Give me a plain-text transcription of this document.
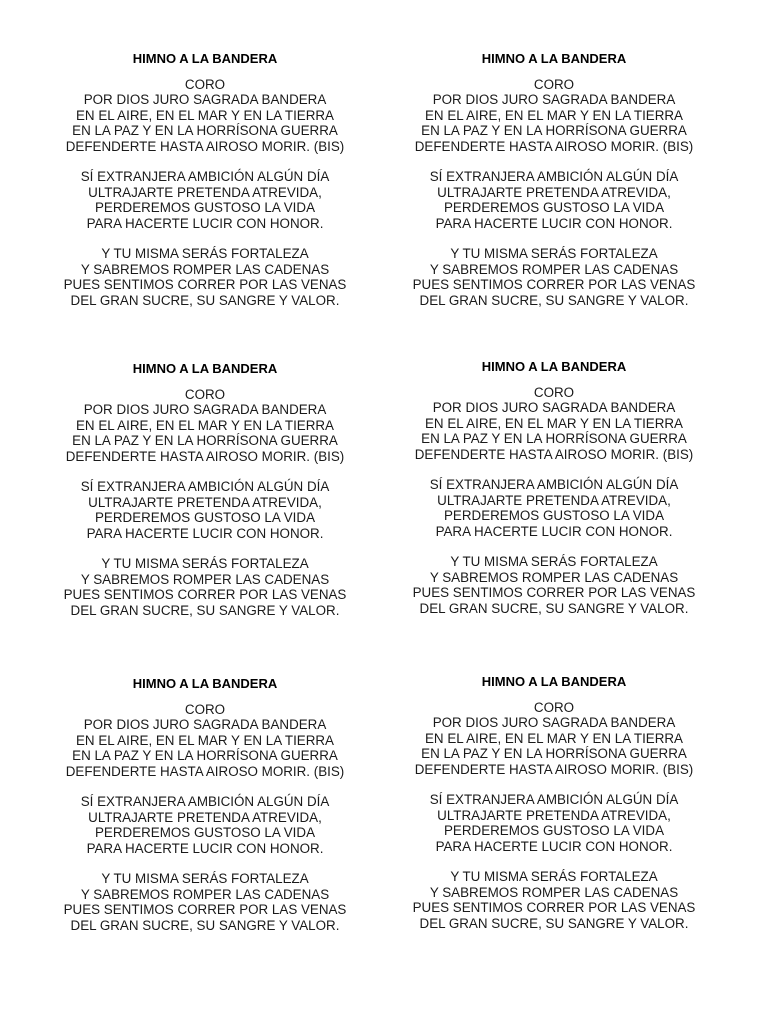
HIMNO A LA BANDERA
CORO
POR DIOS JURO SAGRADA BANDERA
EN EL AIRE, EN EL MAR Y EN LA TIERRA
EN LA PAZ Y EN LA HORRÍSONA GUERRA
DEFENDERTE HASTA AIROSO MORIR. (BIS)
SÍ EXTRANJERA AMBICIÓN ALGÚN DÍA
ULTRAJARTE PRETENDA ATREVIDA,
PERDEREMOS GUSTOSO LA VIDA
PARA HACERTE LUCIR CON HONOR.
Y TU MISMA SERÁS FORTALEZA
Y SABREMOS ROMPER LAS CADENAS
PUES SENTIMOS CORRER POR LAS VENAS
DEL GRAN SUCRE, SU SANGRE Y VALOR.
HIMNO A LA BANDERA
CORO
POR DIOS JURO SAGRADA BANDERA
EN EL AIRE, EN EL MAR Y EN LA TIERRA
EN LA PAZ Y EN LA HORRÍSONA GUERRA
DEFENDERTE HASTA AIROSO MORIR. (BIS)
SÍ EXTRANJERA AMBICIÓN ALGÚN DÍA
ULTRAJARTE PRETENDA ATREVIDA,
PERDEREMOS GUSTOSO LA VIDA
PARA HACERTE LUCIR CON HONOR.
Y TU MISMA SERÁS FORTALEZA
Y SABREMOS ROMPER LAS CADENAS
PUES SENTIMOS CORRER POR LAS VENAS
DEL GRAN SUCRE, SU SANGRE Y VALOR.
HIMNO A LA BANDERA
CORO
POR DIOS JURO SAGRADA BANDERA
EN EL AIRE, EN EL MAR Y EN LA TIERRA
EN LA PAZ Y EN LA HORRÍSONA GUERRA
DEFENDERTE HASTA AIROSO MORIR. (BIS)
SÍ EXTRANJERA AMBICIÓN ALGÚN DÍA
ULTRAJARTE PRETENDA ATREVIDA,
PERDEREMOS GUSTOSO LA VIDA
PARA HACERTE LUCIR CON HONOR.
Y TU MISMA SERÁS FORTALEZA
Y SABREMOS ROMPER LAS CADENAS
PUES SENTIMOS CORRER POR LAS VENAS
DEL GRAN SUCRE, SU SANGRE Y VALOR.
HIMNO A LA BANDERA
CORO
POR DIOS JURO SAGRADA BANDERA
EN EL AIRE, EN EL MAR Y EN LA TIERRA
EN LA PAZ Y EN LA HORRÍSONA GUERRA
DEFENDERTE HASTA AIROSO MORIR. (BIS)
SÍ EXTRANJERA AMBICIÓN ALGÚN DÍA
ULTRAJARTE PRETENDA ATREVIDA,
PERDEREMOS GUSTOSO LA VIDA
PARA HACERTE LUCIR CON HONOR.
Y TU MISMA SERÁS FORTALEZA
Y SABREMOS ROMPER LAS CADENAS
PUES SENTIMOS CORRER POR LAS VENAS
DEL GRAN SUCRE, SU SANGRE Y VALOR.
HIMNO A LA BANDERA
CORO
POR DIOS JURO SAGRADA BANDERA
EN EL AIRE, EN EL MAR Y EN LA TIERRA
EN LA PAZ Y EN LA HORRÍSONA GUERRA
DEFENDERTE HASTA AIROSO MORIR. (BIS)
SÍ EXTRANJERA AMBICIÓN ALGÚN DÍA
ULTRAJARTE PRETENDA ATREVIDA,
PERDEREMOS GUSTOSO LA VIDA
PARA HACERTE LUCIR CON HONOR.
Y TU MISMA SERÁS FORTALEZA
Y SABREMOS ROMPER LAS CADENAS
PUES SENTIMOS CORRER POR LAS VENAS
DEL GRAN SUCRE, SU SANGRE Y VALOR.
HIMNO A LA BANDERA
CORO
POR DIOS JURO SAGRADA BANDERA
EN EL AIRE, EN EL MAR Y EN LA TIERRA
EN LA PAZ Y EN LA HORRÍSONA GUERRA
DEFENDERTE HASTA AIROSO MORIR. (BIS)
SÍ EXTRANJERA AMBICIÓN ALGÚN DÍA
ULTRAJARTE PRETENDA ATREVIDA,
PERDEREMOS GUSTOSO LA VIDA
PARA HACERTE LUCIR CON HONOR.
Y TU MISMA SERÁS FORTALEZA
Y SABREMOS ROMPER LAS CADENAS
PUES SENTIMOS CORRER POR LAS VENAS
DEL GRAN SUCRE, SU SANGRE Y VALOR.
